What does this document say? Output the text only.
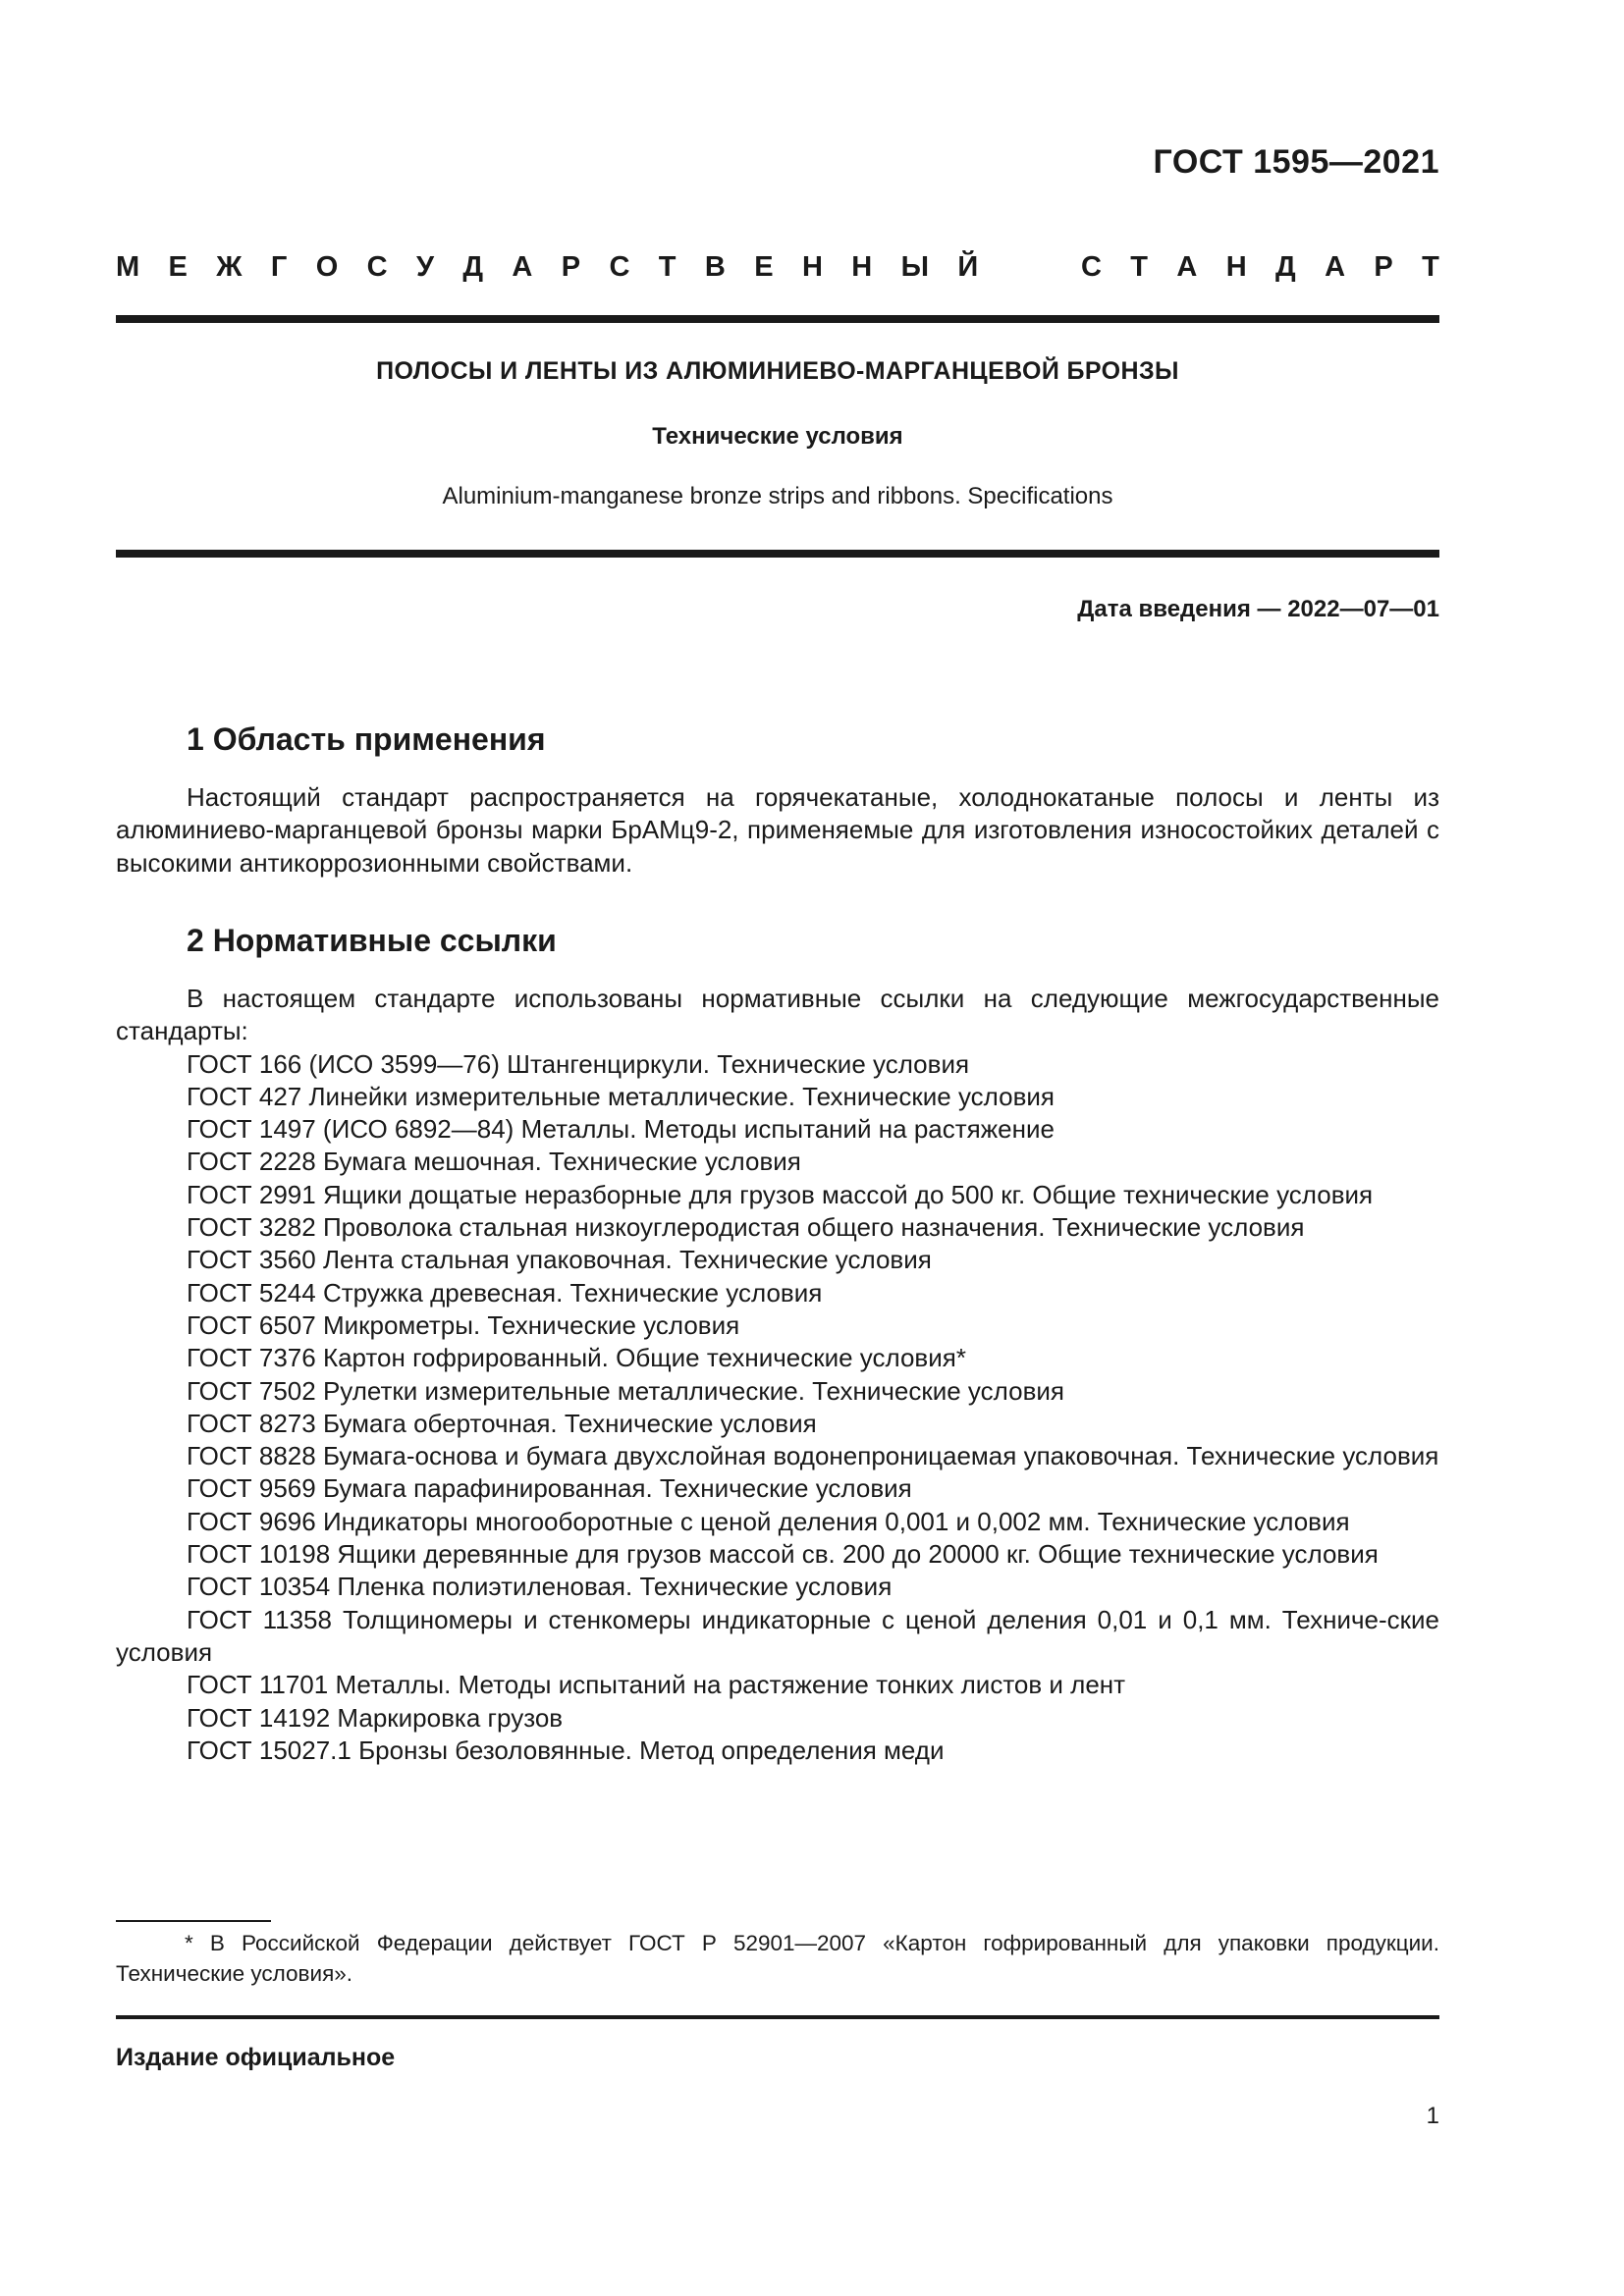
ГОСТ 1595—2021
М Е Ж Г О С У Д А Р С Т В Е Н Н Ы Й	С Т А Н Д А Р Т
ПОЛОСЫ И ЛЕНТЫ ИЗ АЛЮМИНИЕВО-МАРГАНЦЕВОЙ БРОНЗЫ
Технические условия
Aluminium-manganese bronze strips and ribbons. Specifications
Дата введения — 2022—07—01
1 Область применения

Настоящий стандарт распространяется на горячекатаные, холоднокатаные полосы и ленты из алюминиево-марганцевой бронзы марки БрАМц9-2, применяемые для изготовления износостойких деталей с высокими антикоррозионными свойствами.

2 Нормативные ссылки

В настоящем стандарте использованы нормативные ссылки на следующие межгосударственные стандарты:

ГОСТ 166 (ИСО 3599—76) Штангенциркули. Технические условия

ГОСТ 427 Линейки измерительные металлические. Технические условия

ГОСТ 1497 (ИСО 6892—84) Металлы. Методы испытаний на растяжение

ГОСТ 2228 Бумага мешочная. Технические условия

ГОСТ 2991 Ящики дощатые неразборные для грузов массой до 500 кг. Общие технические условия

ГОСТ 3282 Проволока стальная низкоуглеродистая общего назначения. Технические условия

ГОСТ 3560 Лента стальная упаковочная. Технические условия

ГОСТ 5244 Стружка древесная. Технические условия

ГОСТ 6507 Микрометры. Технические условия

ГОСТ 7376 Картон гофрированный. Общие технические условия*

ГОСТ 7502 Рулетки измерительные металлические. Технические условия

ГОСТ 8273 Бумага оберточная. Технические условия

ГОСТ 8828 Бумага-основа и бумага двухслойная водонепроницаемая упаковочная. Технические условия

ГОСТ 9569 Бумага парафинированная. Технические условия

ГОСТ 9696 Индикаторы многооборотные с ценой деления 0,001 и 0,002 мм. Технические условия

ГОСТ 10198 Ящики деревянные для грузов массой св. 200 до 20000 кг. Общие технические условия

ГОСТ 10354 Пленка полиэтиленовая. Технические условия

ГОСТ 11358 Толщиномеры и стенкомеры индикаторные с ценой деления 0,01 и 0,1 мм. Техниче-ские условия

ГОСТ 11701 Металлы. Методы испытаний на растяжение тонких листов и лент

ГОСТ 14192 Маркировка грузов

ГОСТ 15027.1 Бронзы безоловянные. Метод определения меди

* В Российской Федерации действует ГОСТ Р 52901—2007 «Картон гофрированный для упаковки продукции. Технические условия».
Издание официальное
1
